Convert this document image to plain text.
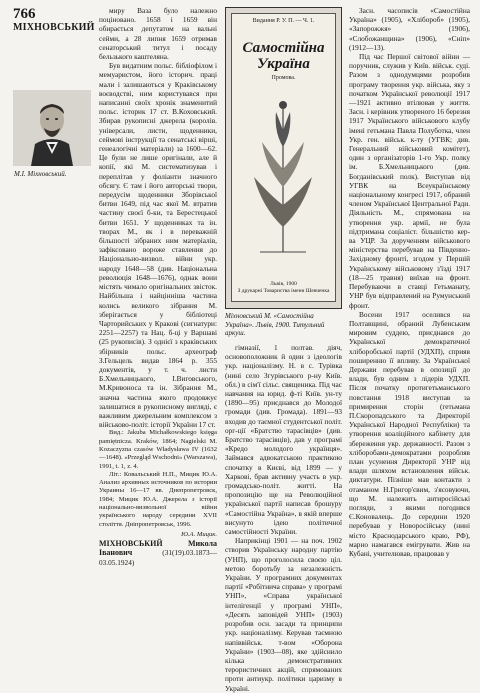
766
МІХНОВСЬКИЙ
М.І. Міхновський.

миру Ваза було належно поціновано. 1658 і 1659 він обирається депутатом на вальні сейми, а 28 липня 1659 отримав сенаторський титул і посаду бельзького каштеляна.

Був видатним польс. бібліофілом і мемуаристом, його історич. праці мали і залишаються у Краківському воєводстві, ним користувався при написанні своїх хронік знаменитий польс. історик 17 ст. В.Коховський. Збирав рукописні джерела (королів. універсали, листи, щоденники, сеймові інструкції та сенатські вірші, генеалогічні матеріали) за 1600—62. Це були не лише оригінали, але й копії, які М. систематизував і переплітав у фоліанти значного обсягу. Є там і його авторські твори, передусім щоденники Зборівської битви 1649, під час якої М. втратив частину своєї б-ки, та Берестецької битви 1651. У щоденниках та ін. творах М., як і в переважній більшості зібраних ним матеріалів, зафіксовано вороже ставлення до Національно-визвол. війни укр. народу 1648—58 (див. Національна революція 1648—1676), однак вони містять чимало оригінальних звісток. Найбільша і найцінніша частина колись великого зібрання М. зберігається у бібліотеці Чарторийських у Кракові (сигнатури: 2251—2257) та Нац. б-ці у Варшаві (25 рукописів). З однієї з краківських збірників польс. археограф З.Гельцель видав 1864 р. 355 документів, у т. ч. листи Б.Хмельницького, І.Виговського, М.Кривоноса та ін. Зібрання М., значна частина якого продовжує залишатися в рукописному вигляді, є важливим джерельним комплексом з військово-політ. історії України 17 ст.

Вид.: Jakuba Michałkowskiego księga pamiętnicza. Kraków, 1864; Nagielski M. Kozaczyzna czasów Władysława IV (1632—1648). «Przegląd Wschodni» (Warszawa), 1991, t. 1, z. 4.

Літ.: Ковальський Н.П., Мицик Ю.А. Анализ архивных источников по истории Украины 16—17 вв. Днепропетровск, 1984; Мицик Ю.А. Джерела з історії національно-визвольної війни українського народу середини XVII століття. Дніпропетровськ, 1996.

Ю.А. Мицик.

МІХНОВСЬКИЙ Микола Іванович	(31(19).03.1873—03.05.1924)

Видання Р. У. П. — Ч. 1.
Самостійна
Україна
Промова.
Львів, 1900
З друкарні Товариства імени Шевченка
Міхновський М. «Самостійна Україна». Львів, 1900. Титульний аркуш.

гімназії, 1 полтав. діяч, основоположник й один з ідеологів укр. націоналізму. Н. в с. Турівка (нині село Згурівського р-ну Київ. обл.) в сім'ї сільс. священика. Під час навчання на юрид. ф-ті Київ. ун-ту (1890—95) приєднався до Молодої громади (див. Громада). 1891—93 входив до таємної студентської політ. орг-ції «Братство тарасівців» (див. Братство тарасівців), дав у програмі «Кредо молодого українця». Займався адвокатською практикою спочатку в Києві, від 1899 — у Харкові, брав активну участь в укр. громадсько-політ. житті. На пропозицію ще на Революційної української партії написав брошуру «Самостійна Україна», в якій вперше висунуто ідею політичної самостійності України.

Наприкінці 1901 — на поч. 1902 створив Українську народну партію (УНП), що проголосила своєю ціл. метою боротьбу за незалежність України. У програмних документах партії «Робітнича справа» у програмі УНП», «Справа української інтелігенції у програмі УНП», «Десять заповідей УНП» (1903) розробив осн. засади та принципи укр. націоналізму. Керував таємною напіввійськ. т-вом «Оборона України» (1903—08), яке здійснило кілька демонстративних терористичних акцій, спрямованих проти антиукр. політики царизму в Україні.

Засн. часописів «Самостійна Україна» (1905), «Хлібороб» (1905), «Запорожжя» (1906), «Слобожанщина» (1906), «Сніп» (1912—13).

Під час Першої світової війни — поручник, служив у Київ. військ. суді. Разом з однодумцями розробив програму творення укр. війська, яку з початком Української революції 1917—1921 активно втілював у життя. Засн. і керівник утвореного 16 березня 1917 Українського військового клубу імені гетьмана Павла Полуботка, член Укр. ген. військ. к-ту (УГВК; див. Генеральний військовий комітет), один з організаторів 1-го Укр. полку ім. Б.Хмельницького (див. Богданівський полк). Виступав від УГВК на Всеукраїнському національному конгресі 1917, обраний членом Української Центральної Ради. Діяльність М., спрямована на утворення укр. армії, не була підтримана соціаліст. більшістю кер-ва УЦР. За дорученням військового міністерства перебував на Південно-Західному фронті, згодом у Першій Українському військовому з'їзді 1917 (18—25 травня) виїхав на фронт. Перебуваючи в ставці Гетьманату, УНР був відправлений на Румунський фронт.

Восени 1917 оселився на Полтавщині, обраний Лубенським мировим суддею, приєднався до Української демократичної хліборобської партії (УДХП), сприяв поширенню її впливу. За Української Держави перебував в опозиції до влади, був одним з лідерів УДХП. Після початку протигетьманського повстання 1918 виступав за примирення сторін (гетьмана П.Скоропадського та Директорії Української Народної Республіки) та утворення коаліційного кабінету для збереження укр. державності. Разом з хліборобами-демократами розробляв план усунення Директорії УНР від влади шляхом встановлення військ. диктатури. Пізніше мав контакти з отаманом Н.Григор'євим, з'ясовуючи, що М. належить антиросійські погляди, з якими погодився Є.Коновалець. До середини 1920 перебував у Новоросійську (нині місто Краснодарського краю, РФ), марно намагався емігрувати. Жив на Кубані, учителював, працював у
